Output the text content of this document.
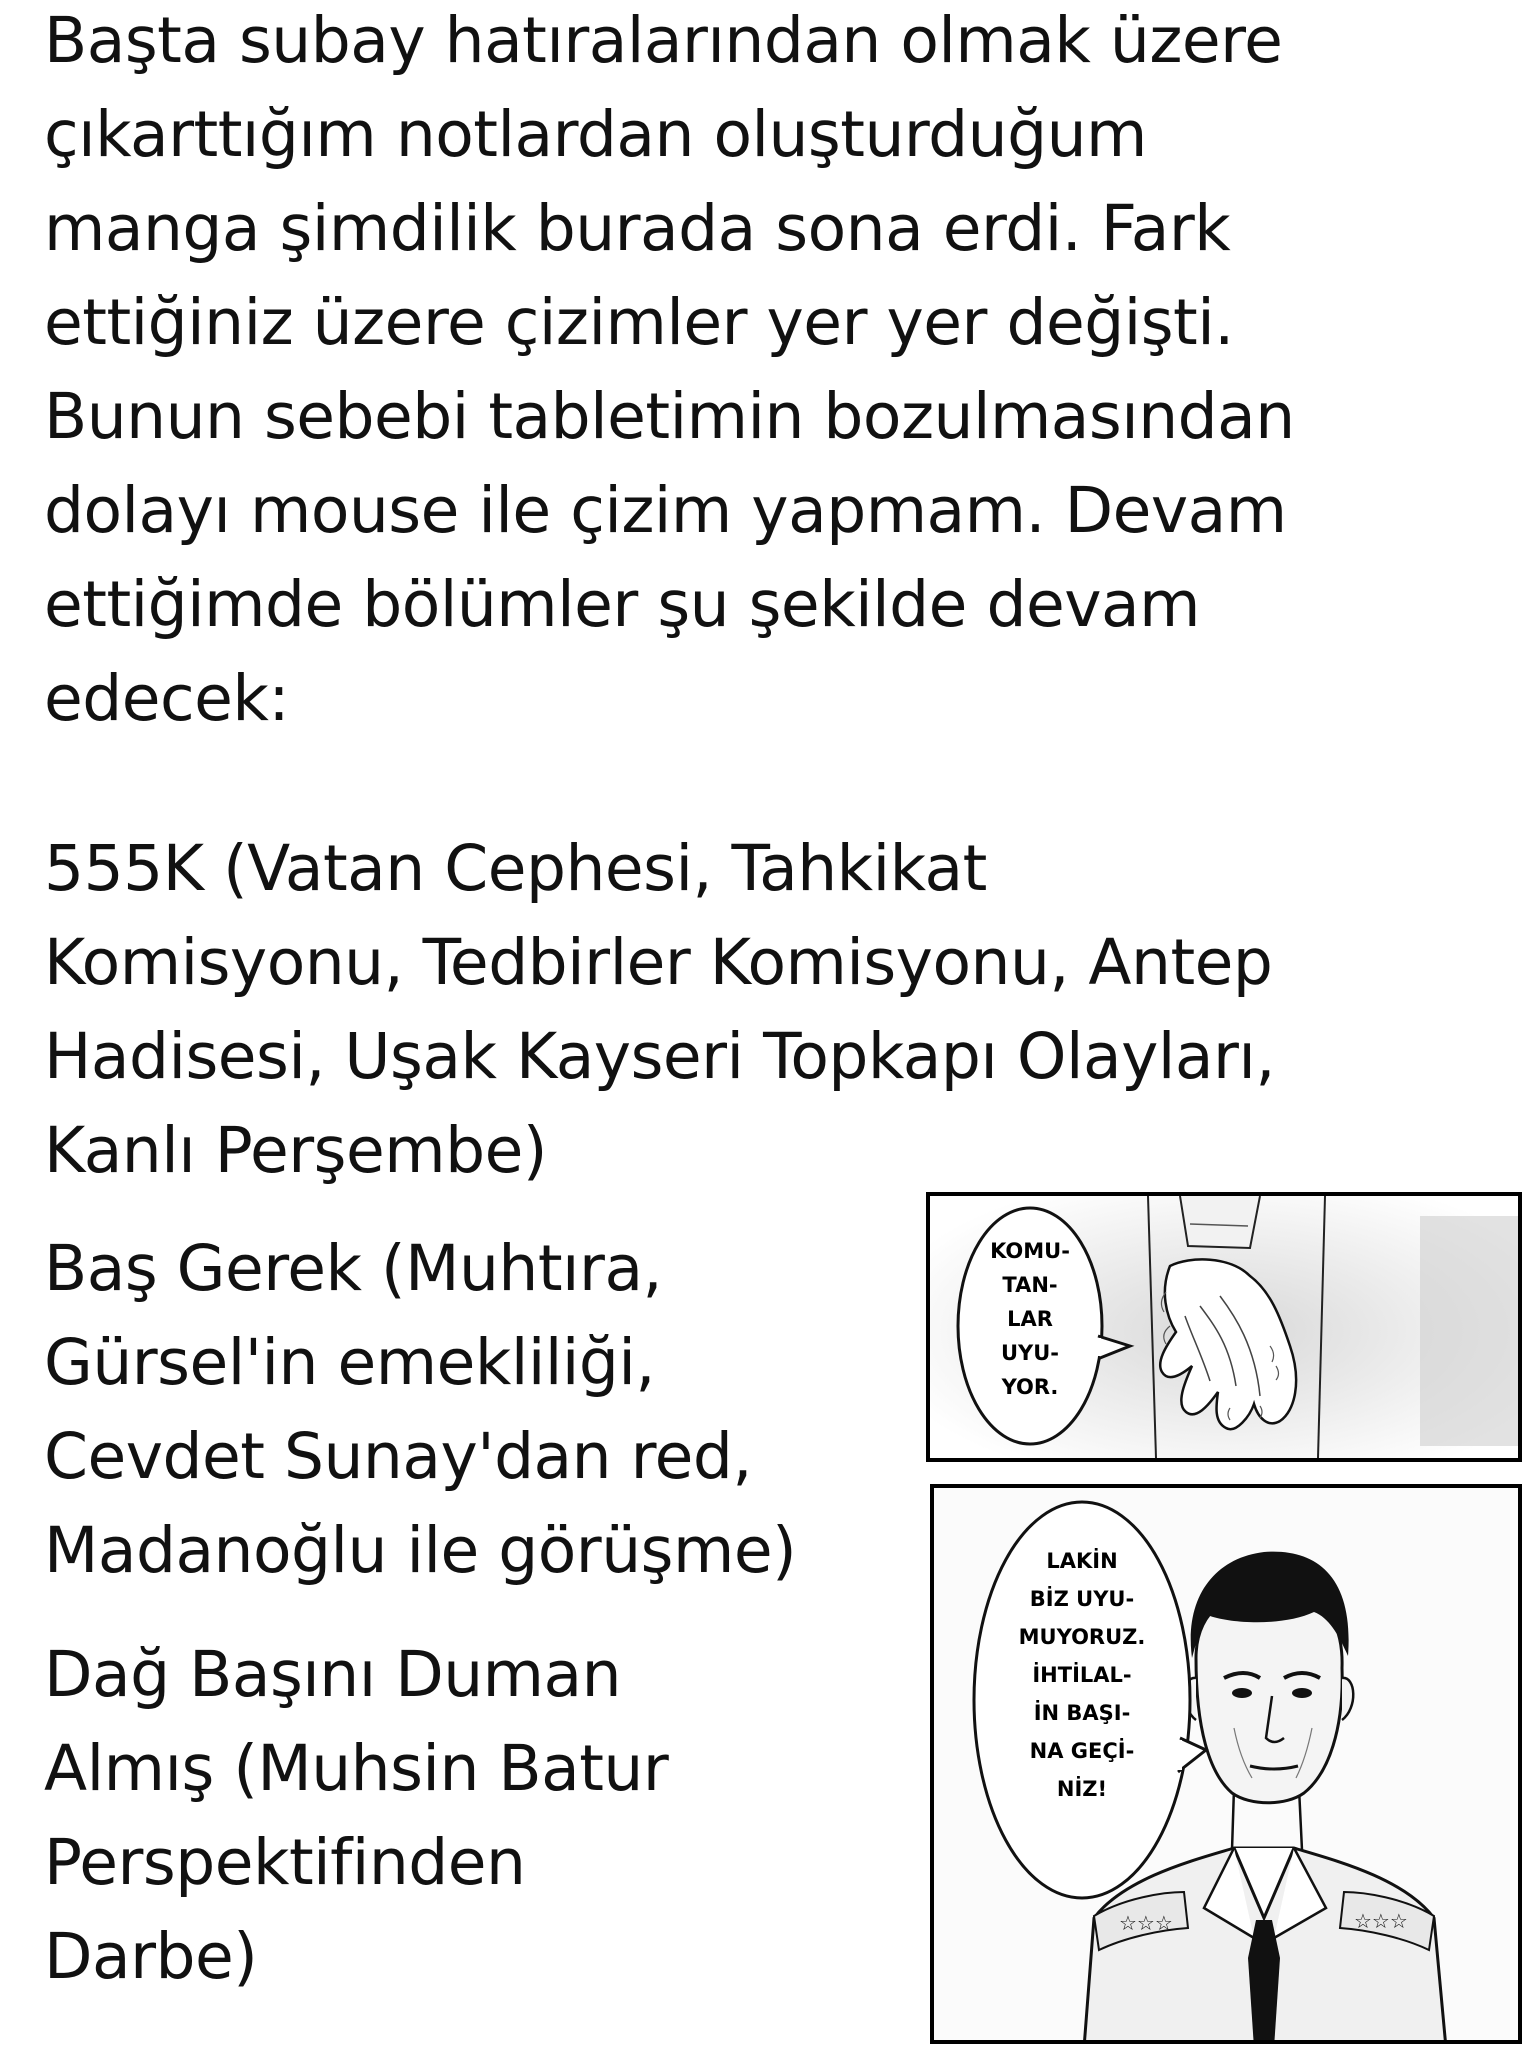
Başta subay hatıralarından olmak üzere
çıkarttığım notlardan oluşturduğum
manga şimdilik burada sona erdi. Fark
ettiğiniz üzere çizimler yer yer değişti.
Bunun sebebi tabletimin bozulmasından
dolayı mouse ile çizim yapmam. Devam
ettiğimde bölümler şu şekilde devam
edecek:
555K (Vatan Cephesi, Tahkikat
Komisyonu, Tedbirler Komisyonu, Antep
Hadisesi, Uşak Kayseri Topkapı Olayları,
Kanlı Perşembe)
Baş Gerek (Muhtıra,
Gürsel'in emekliliği,
Cevdet Sunay'dan red,
Madanoğlu ile görüşme)
Dağ Başını Duman
Almış (Muhsin Batur
Perspektifinden
Darbe)
KOMU-
TAN-
LAR
UYU-
YOR.
☆☆☆	☆☆☆
LAKİN
BİZ UYU-
MUYORUZ.
İHTİLAL-
İN BAŞI-
NA GEÇİ-
NİZ!
